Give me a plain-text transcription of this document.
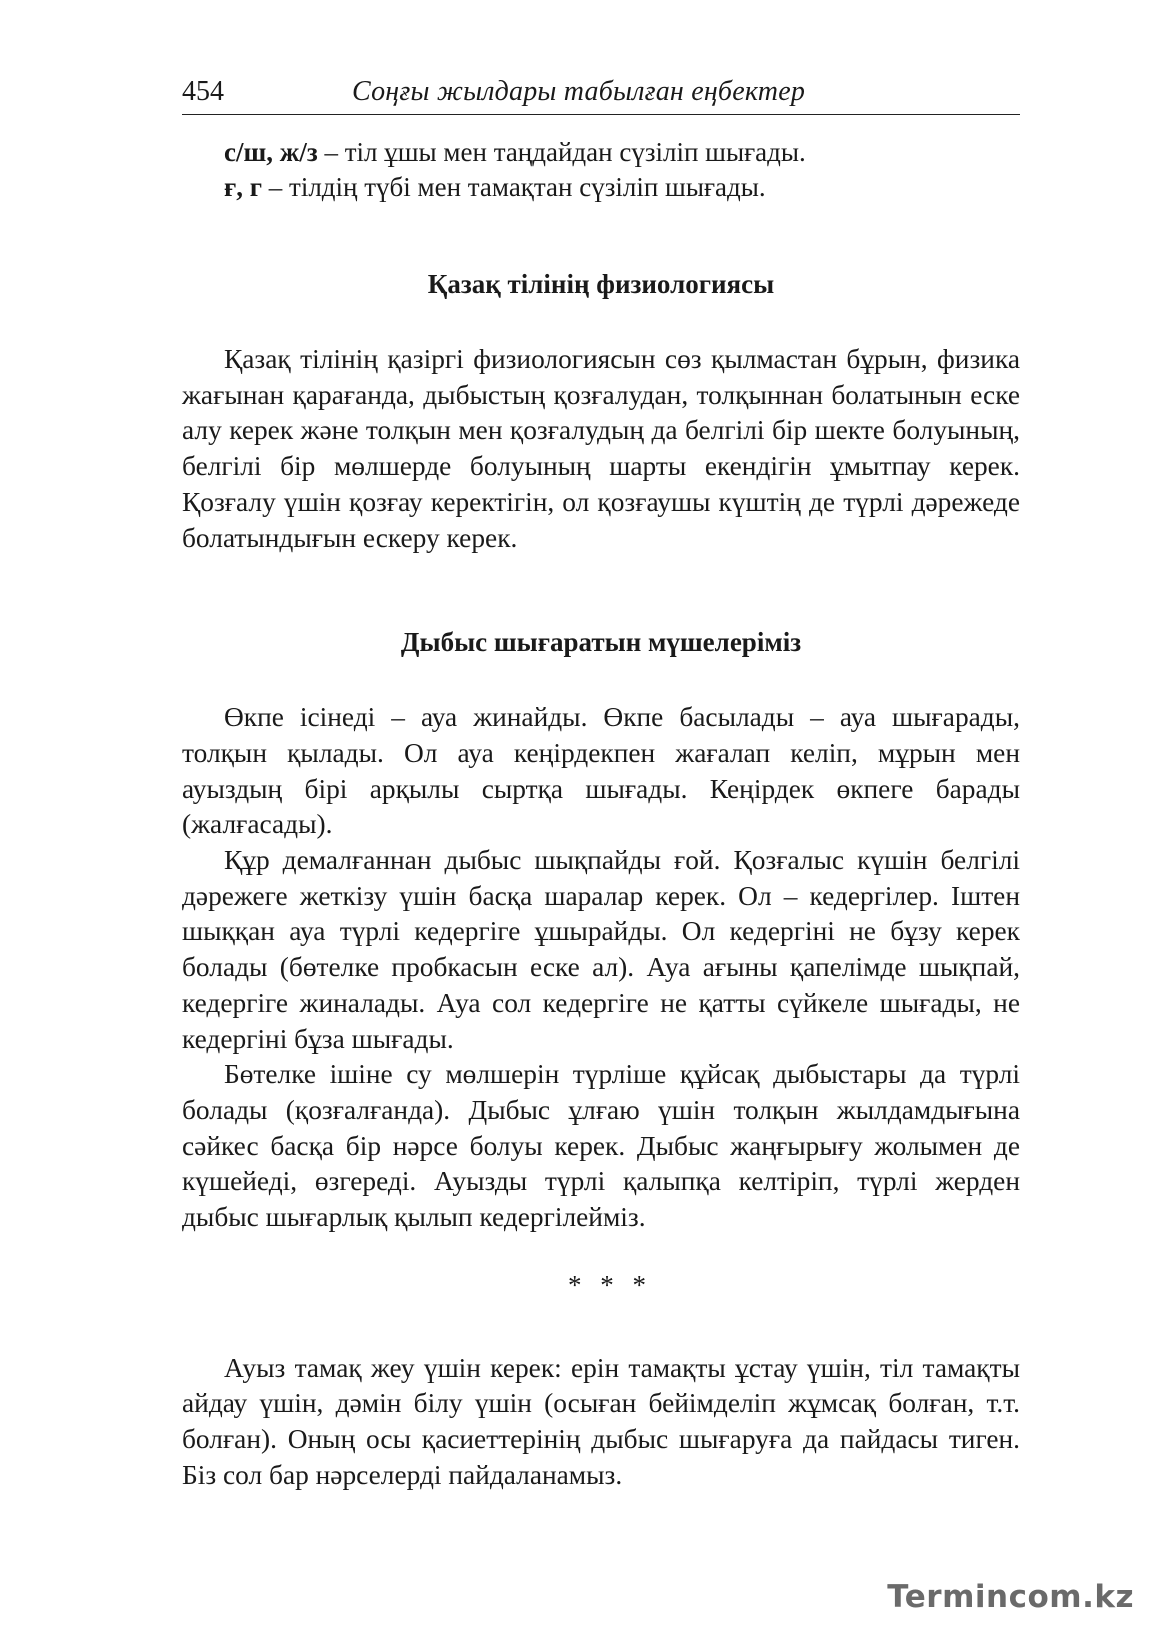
454	Соңғы жылдары табылған еңбектер
с/ш, ж/з – тіл ұшы мен таңдайдан сүзіліп шығады.
ғ, г – тілдің түбі мен тамақтан сүзіліп шығады.
Қазақ тілінің физиологиясы

Қазақ тілінің қазіргі физиологиясын сөз қылмастан бұрын, физика жағынан қарағанда, дыбыстың қозғалудан, толқыннан болатынын еске алу керек және толқын мен қозғалудың да белгілі бір шекте болуының, белгілі бір мөлшерде болуының шарты екендігін ұмытпау керек. Қозғалу үшін қозғау керектігін, ол қозғаушы күштің де түрлі дәрежеде болатындығын ескеру керек.

Дыбыс шығаратын мүшелеріміз

Өкпе ісінеді – ауа жинайды. Өкпе басылады – ауа шығарады, толқын қылады. Ол ауа кеңірдекпен жағалап келіп, мұрын мен ауыздың бірі арқылы сыртқа шығады. Кеңірдек өкпеге барады (жалғасады).

Құр демалғаннан дыбыс шықпайды ғой. Қозғалыс күшін белгілі дәрежеге жеткізу үшін басқа шаралар керек. Ол – кедергілер. Іштен шыққан ауа түрлі кедергіге ұшырайды. Ол кедергіні не бұзу керек болады (бөтелке пробкасын еске ал). Ауа ағыны қапелімде шықпай, кедергіге жиналады. Ауа сол кедергіге не қатты сүйкеле шығады, не кедергіні бұза шығады.

Бөтелке ішіне су мөлшерін түрліше құйсақ дыбыстары да түрлі болады (қозғалғанда). Дыбыс ұлғаю үшін толқын жылдамдығына сәйкес басқа бір нәрсе болуы керек. Дыбыс жаңғырығу жолымен де күшейеді, өзгереді. Ауызды түрлі қалыпқа келтіріп, түрлі жерден дыбыс шығарлық қылып кедергілейміз.

* * *

Ауыз тамақ жеу үшін керек: ерін тамақты ұстау үшін, тіл тамақты айдау үшін, дәмін білу үшін (осыған бейімделіп жұмсақ болған, т.т. болған). Оның осы қасиеттерінің дыбыс шығаруға да пайдасы тиген. Біз сол бар нәрселерді пайдаланамыз.

Termincom.kz
